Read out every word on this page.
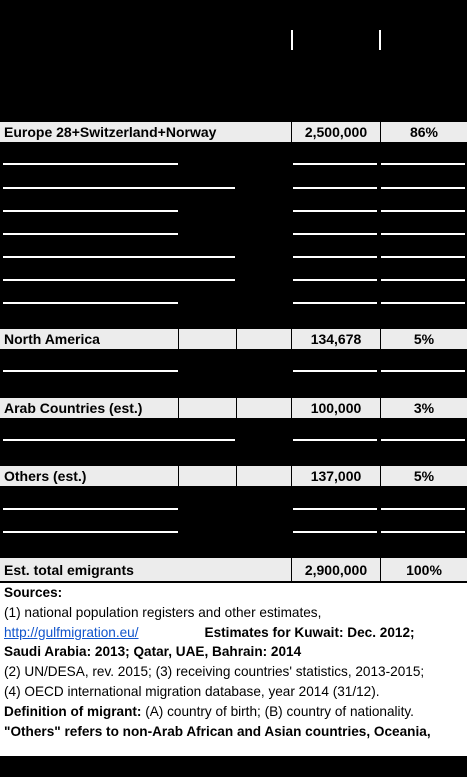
Europe 28+Switzerland+Norway	2,500,000	86%
North America	134,678	5%
Arab Countries (est.)	100,000	3%
Others (est.)	137,000	5%
Est. total emigrants	2,900,000	100%
Sources:
(1) national population registers and other estimates,
http://gulfmigration.eu/	Estimates for Kuwait: Dec. 2012;
Saudi Arabia: 2013; Qatar, UAE, Bahrain: 2014
(2) UN/DESA, rev. 2015; (3) receiving countries' statistics, 2013-2015;
(4) OECD international migration database, year 2014 (31/12).
Definition of migrant: (A) country of birth; (B) country of nationality.
"Others" refers to non-Arab African and Asian countries, Oceania,
